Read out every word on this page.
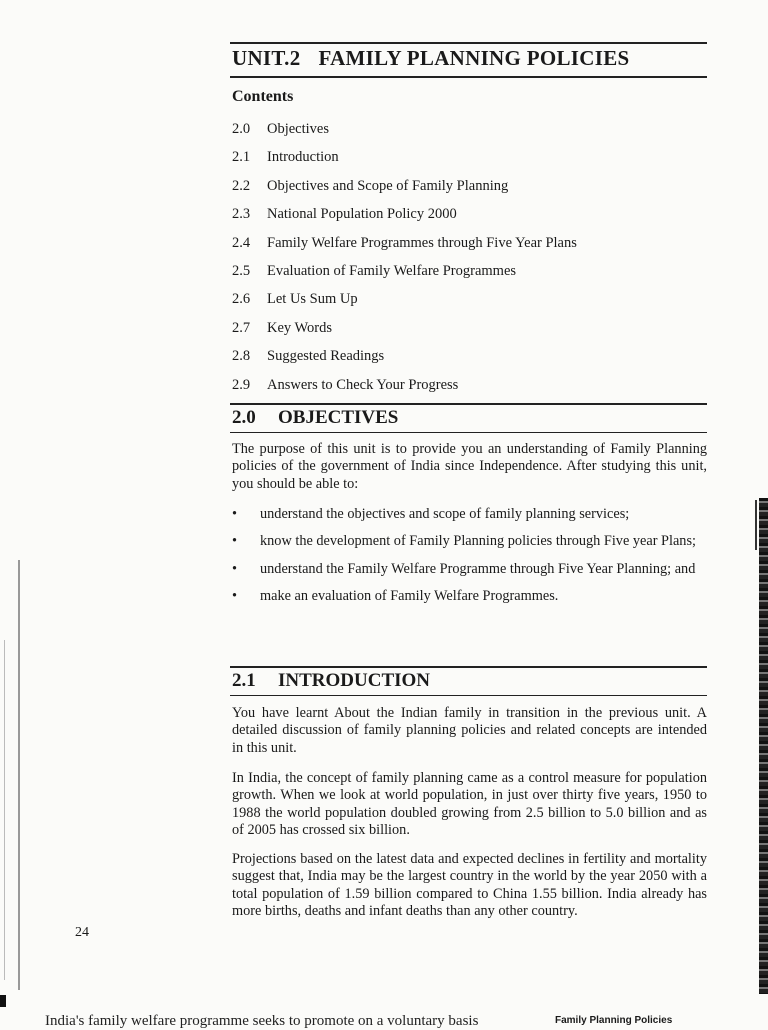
UNIT.2 FAMILY PLANNING POLICIES
Contents
2.0 Objectives
2.1 Introduction
2.2 Objectives and Scope of Family Planning
2.3 National Population Policy 2000
2.4 Family Welfare Programmes through Five Year Plans
2.5 Evaluation of Family Welfare Programmes
2.6 Let Us Sum Up
2.7 Key Words
2.8 Suggested Readings
2.9 Answers to Check Your Progress
2.0 OBJECTIVES

The purpose of this unit is to provide you an understanding of Family Planning policies of the government of India since Independence. After studying this unit, you should be able to:

• understand the objectives and scope of family planning services;
• know the development of Family Planning policies through Five year Plans;
• understand the Family Welfare Programme through Five Year Planning; and
• make an evaluation of Family Welfare Programmes.
2.1 INTRODUCTION

You have learnt About the Indian family in transition in the previous unit. A detailed discussion of family planning policies and related concepts are intended in this unit.

In India, the concept of family planning came as a control measure for population growth. When we look at world population, in just over thirty five years, 1950 to 1988 the world population doubled growing from 2.5 billion to 5.0 billion and as of 2005 has crossed six billion.

Projections based on the latest data and expected declines in fertility and mortality suggest that, India may be the largest country in the world by the year 2050 with a total population of 1.59 billion compared to China 1.55 billion. India already has more births, deaths and infant deaths than any other country.

24
India's family welfare programme seeks to promote on a voluntary basis	Family Planning Policies
